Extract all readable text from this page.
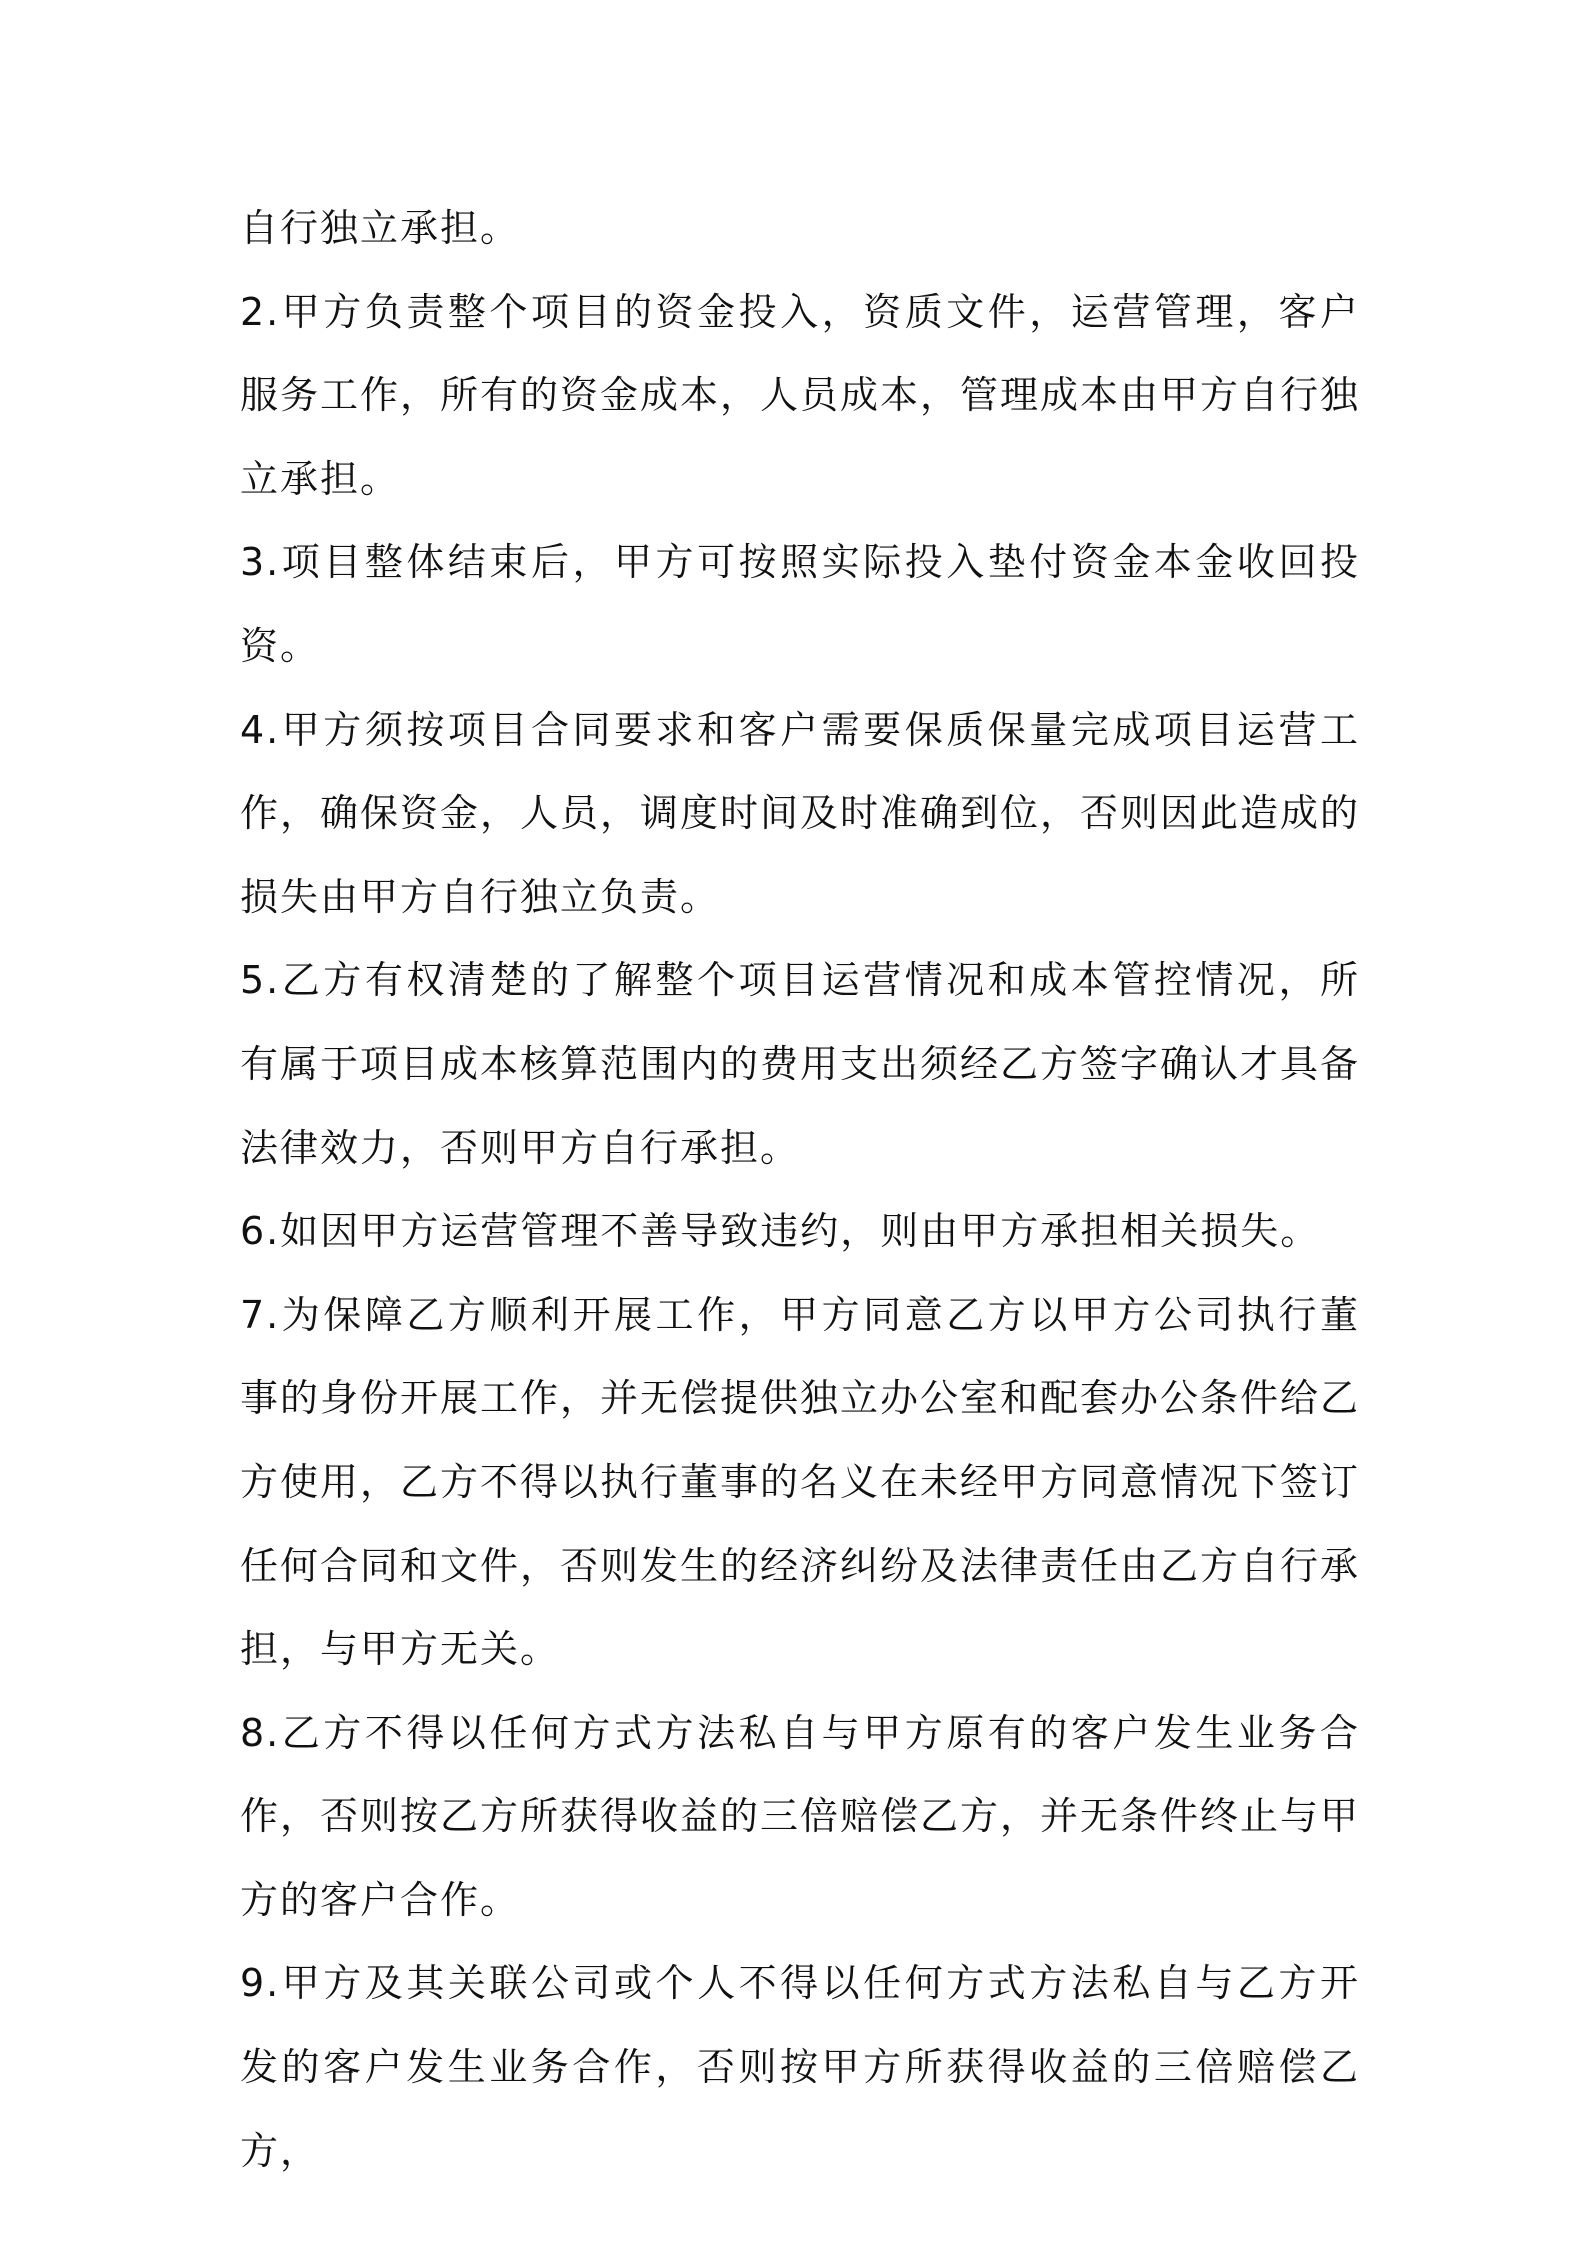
自行独立承担。

2.甲方负责整个项目的资金投入，资质文件，运营管理，客户服务工作，所有的资金成本，人员成本，管理成本由甲方自行独立承担。

3.项目整体结束后，甲方可按照实际投入垫付资金本金收回投资。

4.甲方须按项目合同要求和客户需要保质保量完成项目运营工作，确保资金，人员，调度时间及时准确到位，否则因此造成的损失由甲方自行独立负责。

5.乙方有权清楚的了解整个项目运营情况和成本管控情况，所有属于项目成本核算范围内的费用支出须经乙方签字确认才具备法律效力，否则甲方自行承担。

6.如因甲方运营管理不善导致违约，则由甲方承担相关损失。

7.为保障乙方顺利开展工作，甲方同意乙方以甲方公司执行董事的身份开展工作，并无偿提供独立办公室和配套办公条件给乙方使用，乙方不得以执行董事的名义在未经甲方同意情况下签订任何合同和文件，否则发生的经济纠纷及法律责任由乙方自行承担，与甲方无关。

8.乙方不得以任何方式方法私自与甲方原有的客户发生业务合作，否则按乙方所获得收益的三倍赔偿乙方，并无条件终止与甲方的客户合作。

9.甲方及其关联公司或个人不得以任何方式方法私自与乙方开发的客户发生业务合作，否则按甲方所获得收益的三倍赔偿乙方，
